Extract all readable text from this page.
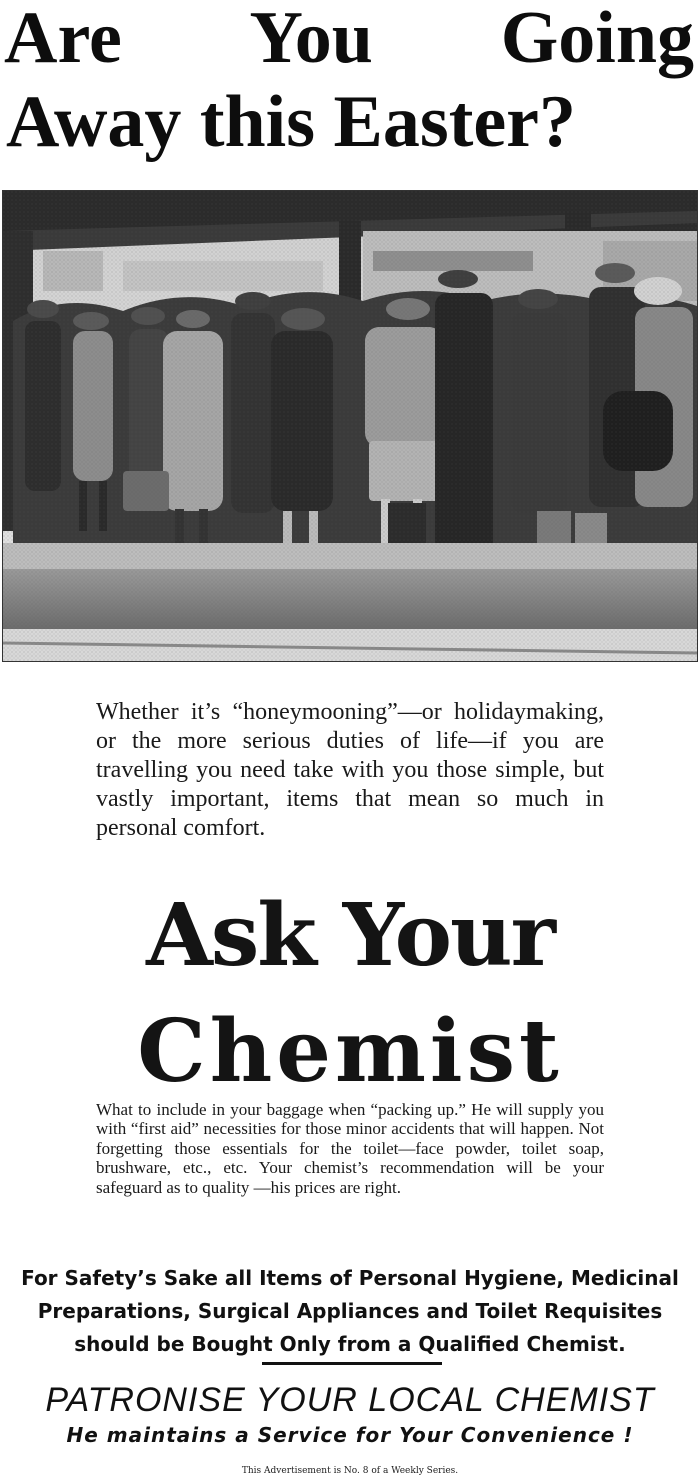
Are You Going
Away this Easter?
Whether it’s “honeymooning”—or holidaymaking, or the more serious duties of life—if you are travelling you need take with you those simple, but vastly important, items that mean so much in personal comfort.
Ask Your
Chemist
What to include in your baggage when “packing up.” He will supply you with “first aid” necessities for those minor accidents that will happen. Not forgetting those essentials for the toilet—face powder, toilet soap, brushware, etc., etc. Your chemist’s recommendation will be your safeguard as to quality —his prices are right.
For Safety’s Sake all Items of Personal Hygiene, Medicinal
Preparations, Surgical Appliances and Toilet Requisites
should be Bought Only from a Qualified Chemist.
PATRONISE YOUR LOCAL CHEMIST
He maintains a Service for Your Convenience !
This Advertisement is No. 8 of a Weekly Series.
